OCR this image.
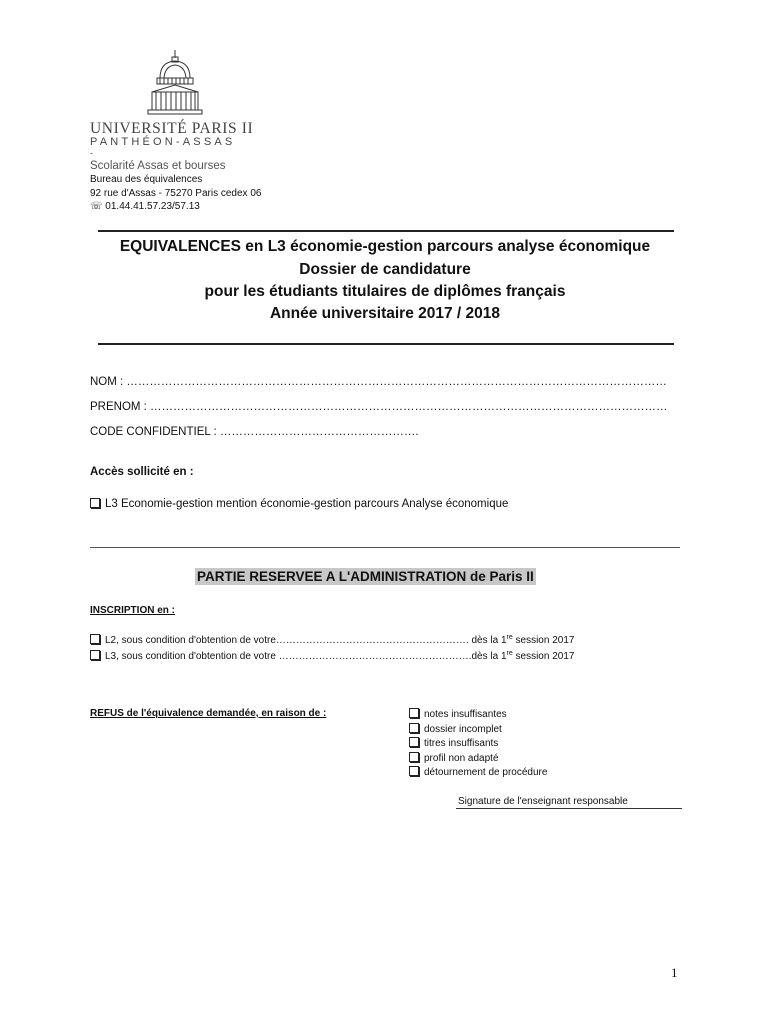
UNIVERSITÉ PARIS II
PANTHÉON-ASSAS
-
Scolarité Assas et bourses
Bureau des équivalences
92 rue d'Assas - 75270 Paris cedex 06
☏ 01.44.41.57.23/57.13
EQUIVALENCES en L3 économie-gestion parcours analyse économique
Dossier de candidature
pour les étudiants titulaires de diplômes français
Année universitaire 2017 / 2018
NOM : ……………………………………………………………………………………………………………………………
PRENOM : ………………………………………………………………………………………………………………………
CODE CONFIDENTIEL : …………………………………………….
Accès sollicité en :
L3 Economie-gestion mention économie-gestion parcours Analyse économique
PARTIE RESERVEE A L'ADMINISTRATION de Paris II
INSCRIPTION en :
L2, sous condition d'obtention de votre…………………………………………………. dès la 1re session 2017
L3, sous condition d'obtention de votre ………………………………………………….dès la 1re session 2017
REFUS de l'équivalence demandée, en raison de :	notes insuffisantes
dossier incomplet
titres insuffisants
profil non adapté
détournement de procédure
Signature de l'enseignant responsable
1
